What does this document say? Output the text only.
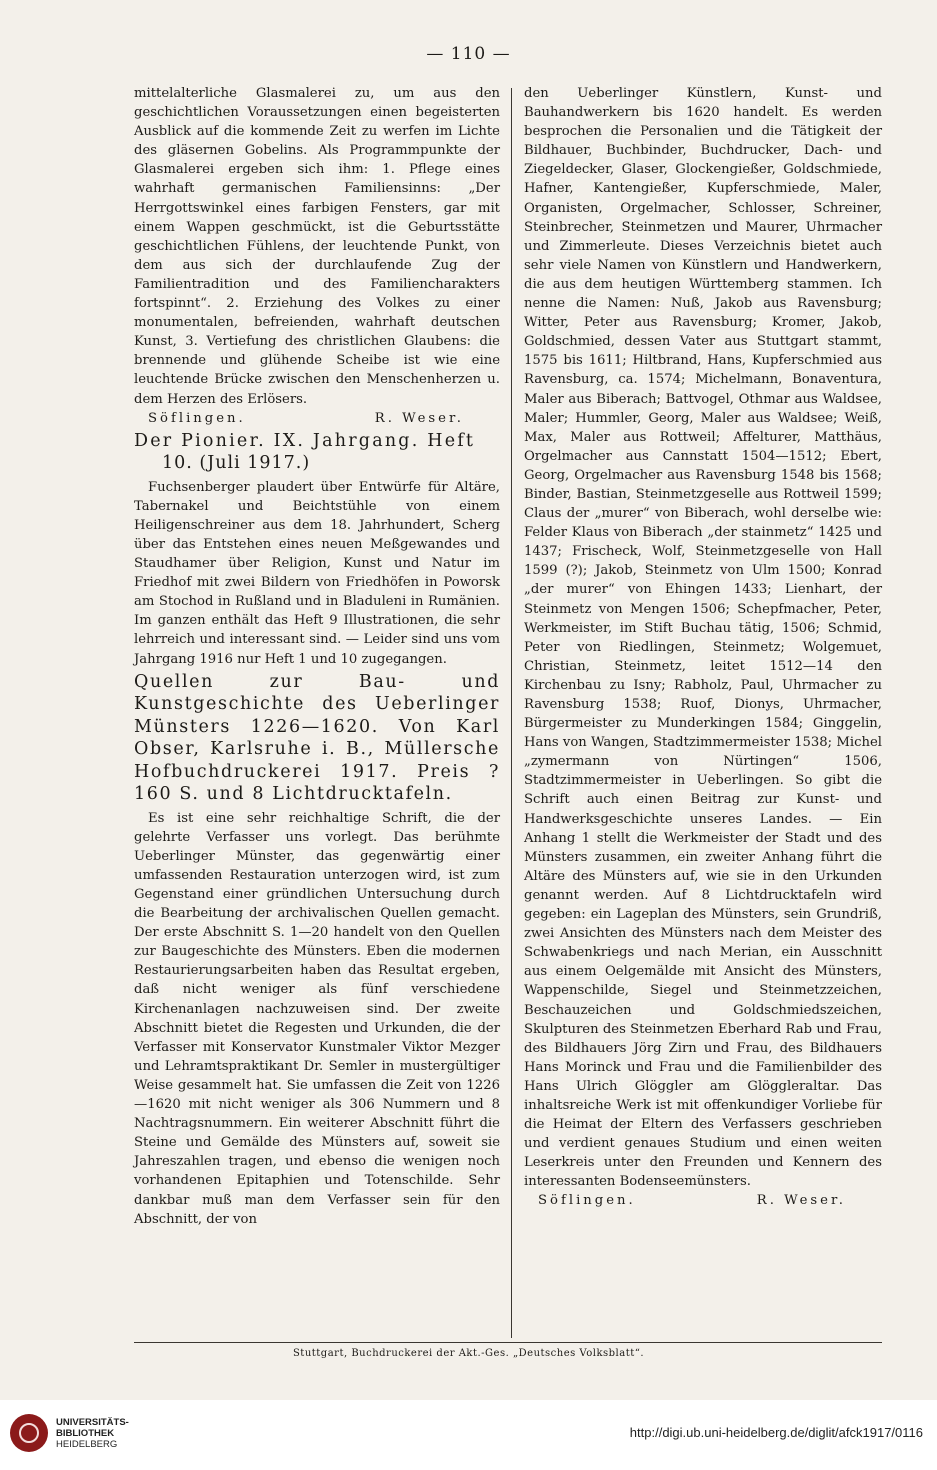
— 110 —

mittelalterliche Glasmalerei zu, um aus den geschichtlichen Voraussetzungen einen begeisterten Ausblick auf die kommende Zeit zu werfen im Lichte des gläsernen Gobelins. Als Programmpunkte der Glasmalerei ergeben sich ihm: 1. Pflege eines wahrhaft germanischen Familiensinns: „Der Herrgottswinkel eines farbigen Fensters, gar mit einem Wappen geschmückt, ist die Geburtsstätte geschichtlichen Fühlens, der leuchtende Punkt, von dem aus sich der durchlaufende Zug der Familientradition und des Familiencharakters fortspinnt“. 2. Erziehung des Volkes zu einer monumentalen, befreienden, wahrhaft deutschen Kunst, 3. Vertiefung des christlichen Glaubens: die brennende und glühende Scheibe ist wie eine leuchtende Brücke zwischen den Menschenherzen u. dem Herzen des Erlösers.

Söflingen.	R. Weser.
Der Pionier. IX. Jahrgang. Heft
10. (Juli 1917.)

Fuchsenberger plaudert über Entwürfe für Altäre, Tabernakel und Beichtstühle von einem Heiligenschreiner aus dem 18. Jahrhundert, Scherg über das Entstehen eines neuen Meßgewandes und Staudhamer über Religion, Kunst und Natur im Friedhof mit zwei Bildern von Friedhöfen in Poworsk am Stochod in Rußland und in Bladuleni in Rumänien. Im ganzen enthält das Heft 9 Illustrationen, die sehr lehrreich und interessant sind. — Leider sind uns vom Jahrgang 1916 nur Heft 1 und 10 zugegangen.

Quellen zur Bau- und Kunstgeschichte des Ueberlinger Münsters 1226—1620. Von Karl Obser, Karlsruhe i. B., Müllersche Hofbuchdruckerei 1917. Preis ? 160 S. und 8 Lichtdrucktafeln.

Es ist eine sehr reichhaltige Schrift, die der gelehrte Verfasser uns vorlegt. Das berühmte Ueberlinger Münster, das gegenwärtig einer umfassenden Restauration unterzogen wird, ist zum Gegenstand einer gründlichen Untersuchung durch die Bearbeitung der archivalischen Quellen gemacht. Der erste Abschnitt S. 1—20 handelt von den Quellen zur Baugeschichte des Münsters. Eben die modernen Restaurierungsarbeiten haben das Resultat ergeben, daß nicht weniger als fünf verschiedene Kirchenanlagen nachzuweisen sind. Der zweite Abschnitt bietet die Regesten und Urkunden, die der Verfasser mit Konservator Kunstmaler Viktor Mezger und Lehramtspraktikant Dr. Semler in mustergültiger Weise gesammelt hat. Sie umfassen die Zeit von 1226—1620 mit nicht weniger als 306 Nummern und 8 Nachtragsnummern. Ein weiterer Abschnitt führt die Steine und Gemälde des Münsters auf, soweit sie Jahreszahlen tragen, und ebenso die wenigen noch vorhandenen Epitaphien und Totenschilde. Sehr dankbar muß man dem Verfasser sein für den Abschnitt, der von

den Ueberlinger Künstlern, Kunst- und Bauhandwerkern bis 1620 handelt. Es werden besprochen die Personalien und die Tätigkeit der Bildhauer, Buchbinder, Buchdrucker, Dach- und Ziegeldecker, Glaser, Glockengießer, Goldschmiede, Hafner, Kantengießer, Kupferschmiede, Maler, Organisten, Orgelmacher, Schlosser, Schreiner, Steinbrecher, Steinmetzen und Maurer, Uhrmacher und Zimmerleute. Dieses Verzeichnis bietet auch sehr viele Namen von Künstlern und Handwerkern, die aus dem heutigen Württemberg stammen. Ich nenne die Namen: Nuß, Jakob aus Ravensburg; Witter, Peter aus Ravensburg; Kromer, Jakob, Goldschmied, dessen Vater aus Stuttgart stammt, 1575 bis 1611; Hiltbrand, Hans, Kupferschmied aus Ravensburg, ca. 1574; Michelmann, Bonaventura, Maler aus Biberach; Battvogel, Othmar aus Waldsee, Maler; Hummler, Georg, Maler aus Waldsee; Weiß, Max, Maler aus Rottweil; Affelturer, Matthäus, Orgelmacher aus Cannstatt 1504—1512; Ebert, Georg, Orgelmacher aus Ravensburg 1548 bis 1568; Binder, Bastian, Steinmetzgeselle aus Rottweil 1599; Claus der „murer“ von Biberach, wohl derselbe wie: Felder Klaus von Biberach „der stainmetz“ 1425 und 1437; Frischeck, Wolf, Steinmetzgeselle von Hall 1599 (?); Jakob, Steinmetz von Ulm 1500; Konrad „der murer“ von Ehingen 1433; Lienhart, der Steinmetz von Mengen 1506; Schepfmacher, Peter, Werkmeister, im Stift Buchau tätig, 1506; Schmid, Peter von Riedlingen, Steinmetz; Wolgemuet, Christian, Steinmetz, leitet 1512—14 den Kirchenbau zu Isny; Rabholz, Paul, Uhrmacher zu Ravensburg 1538; Ruof, Dionys, Uhrmacher, Bürgermeister zu Munderkingen 1584; Ginggelin, Hans von Wangen, Stadtzimmermeister 1538; Michel „zymermann von Nürtingen“ 1506, Stadtzimmermeister in Ueberlingen. So gibt die Schrift auch einen Beitrag zur Kunst- und Handwerksgeschichte unseres Landes. — Ein Anhang 1 stellt die Werkmeister der Stadt und des Münsters zusammen, ein zweiter Anhang führt die Altäre des Münsters auf, wie sie in den Urkunden genannt werden. Auf 8 Lichtdrucktafeln wird gegeben: ein Lageplan des Münsters, sein Grundriß, zwei Ansichten des Münsters nach dem Meister des Schwabenkriegs und nach Merian, ein Ausschnitt aus einem Oelgemälde mit Ansicht des Münsters, Wappenschilde, Siegel und Steinmetzzeichen, Beschauzeichen und Goldschmiedszeichen, Skulpturen des Steinmetzen Eberhard Rab und Frau, des Bildhauers Jörg Zirn und Frau, des Bildhauers Hans Morinck und Frau und die Familienbilder des Hans Ulrich Glöggler am Glöggleraltar. Das inhaltsreiche Werk ist mit offenkundiger Vorliebe für die Heimat der Eltern des Verfassers geschrieben und verdient genaues Studium und einen weiten Leserkreis unter den Freunden und Kennern des interessanten Bodenseemünsters.

Söflingen.	R. Weser.
Stuttgart, Buchdruckerei der Akt.-Ges. „Deutsches Volksblatt“.
UNIVERSITÄTS-
BIBLIOTHEK
HEIDELBERG
http://digi.ub.uni-heidelberg.de/diglit/afck1917/0116
